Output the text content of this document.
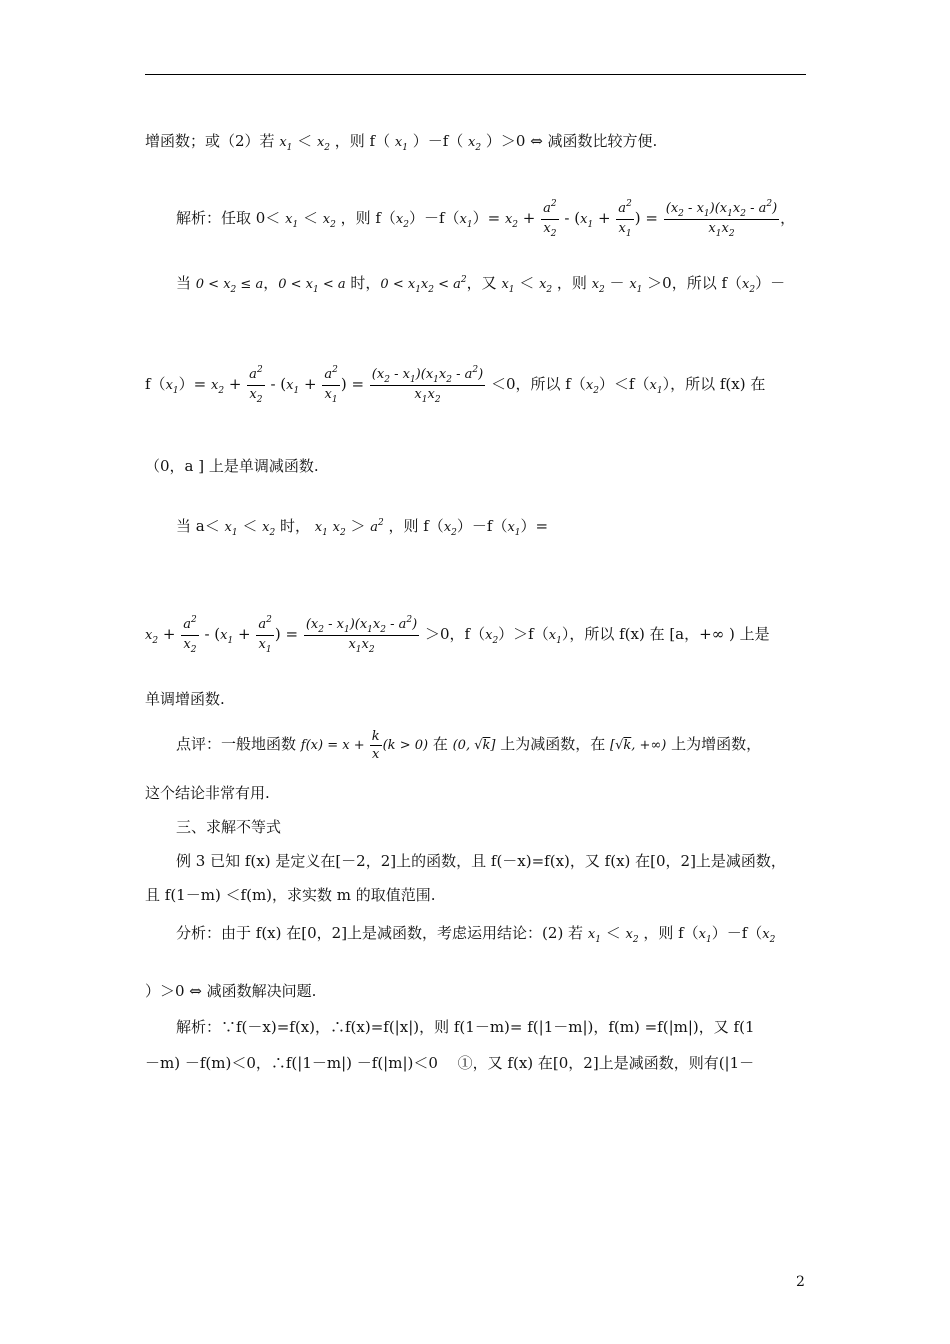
增函数；或（2）若 $x_1 < x_2$ ，则 f（ $x_1$ ）－f（ $x_2$ ）＞0 ⇔ 减函数比较方便.
解析：任取 $0< x_1 < x_2$ ，则 $f(x_2)-f(x_1)= x_2 + \frac{a^2}{x_2} - (x_1 + \frac{a^2}{x_1}$ ) = $\frac{(x_2 - x_1)(x_1x_2 - a^2)}{x_1x_2}$ ，
当 $0 < x_2 \le a$，$0 < x_1 < a$ 时，$0 < x_1x_2 < a^2$，又 $x_1 < x_2$ ，则 $x_2 - x_1 >0$，所以 $f(x_2)-$
$f(x_1)= x_2 + \frac{a^2}{x_2} - (x_1 + \frac{a^2}{x_1}$ ) = $\frac{(x_2 - x_1)(x_1x_2 - a^2)}{x_1x_2} <0$，所以 $f(x_2)<f(x_1)$，所以 f(x) 在
（0，a ] 上是单调减函数.
当 $a< x_1 < x_2$ 时， $x_1$ $x_2 > a^2$ ，则 $f(x_2)-f(x_1)=$
$x_2 + \frac{a^2}{x_2} - (x_1 + \frac{a^2}{x_1}$ ) = $\frac{(x_2 - x_1)(x_1x_2 - a^2)}{x_1x_2} >0$，$f(x_2)>f(x_1)$，所以 f(x) 在 [a，+∞ ) 上是
单调增函数.
点评：一般地函数 $f(x) = x + \frac{k}{x} (k > 0)$ 在 (0, √k] 上为减函数，在 [√k, +∞) 上为增函数，
这个结论非常有用.
三、求解不等式
例 3 已知 f(x) 是定义在[－2，2]上的函数，且 f(－x)=f(x)，又 f(x) 在[0，2]上是减函数，
且 f(1－m) ＜f(m)，求实数 m 的取值范围.
分析：由于 f(x) 在[0，2]上是减函数，考虑运用结论：(2) 若 $x_1 < x_2$ ，则 $f(x_1)-f(x_2$
）＞0 ⇔ 减函数解决问题.
解析：∵f(－x)=f(x)，∴f(x)=f(|x|)，则 f(1－m)= f(|1－m|)，f(m) =f(|m|)，又 f(1
－m) －f(m)＜0，∴f(|1－m|) －f(|m|)＜0　 ①，又 f(x) 在[0，2]上是减函数，则有(|1－
2
